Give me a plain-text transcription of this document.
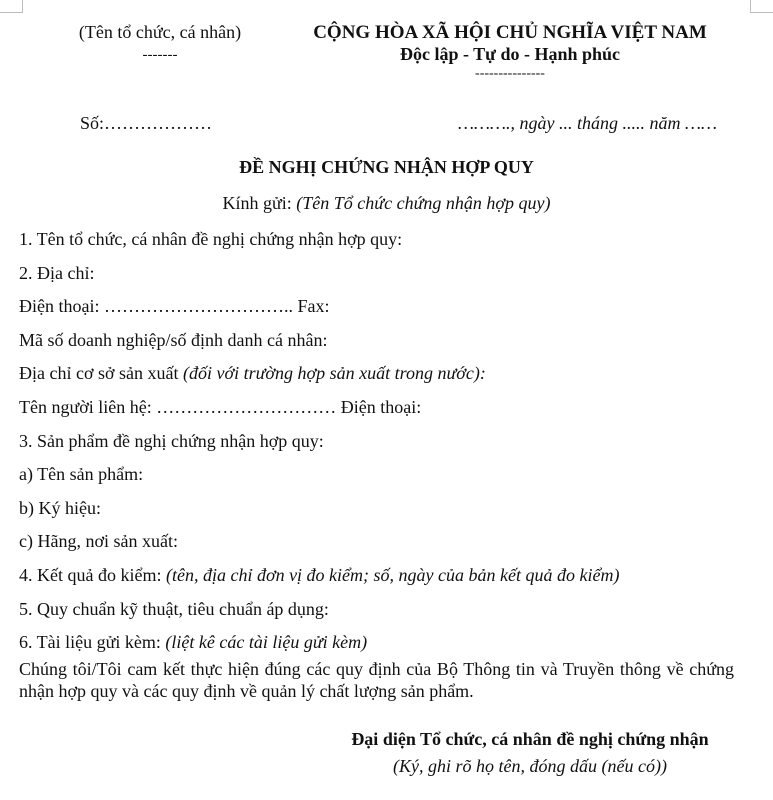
(Tên tổ chức, cá nhân)
-------
CỘNG HÒA XÃ HỘI CHỦ NGHĨA VIỆT NAM
Độc lập - Tự do - Hạnh phúc
---------------
Số:………………	………., ngày ... tháng ..... năm ……
ĐỀ NGHỊ CHỨNG NHẬN HỢP QUY
Kính gửi: (Tên Tổ chức chứng nhận hợp quy)
1. Tên tổ chức, cá nhân đề nghị chứng nhận hợp quy:
2. Địa chỉ:
Điện thoại: ………………………….. Fax:
Mã số doanh nghiệp/số định danh cá nhân:
Địa chỉ cơ sở sản xuất (đối với trường hợp sản xuất trong nước):
Tên người liên hệ: ………………………… Điện thoại:
3. Sản phẩm đề nghị chứng nhận hợp quy:
a) Tên sản phẩm:
b) Ký hiệu:
c) Hãng, nơi sản xuất:
4. Kết quả đo kiểm: (tên, địa chỉ đơn vị đo kiểm; số, ngày của bản kết quả đo kiểm)
5. Quy chuẩn kỹ thuật, tiêu chuẩn áp dụng:
6. Tài liệu gửi kèm: (liệt kê các tài liệu gửi kèm)
Chúng tôi/Tôi cam kết thực hiện đúng các quy định của Bộ Thông tin và Truyền thông về chứng nhận hợp quy và các quy định về quản lý chất lượng sản phẩm.
Đại diện Tổ chức, cá nhân đề nghị chứng nhận
(Ký, ghi rõ họ tên, đóng dấu (nếu có))
